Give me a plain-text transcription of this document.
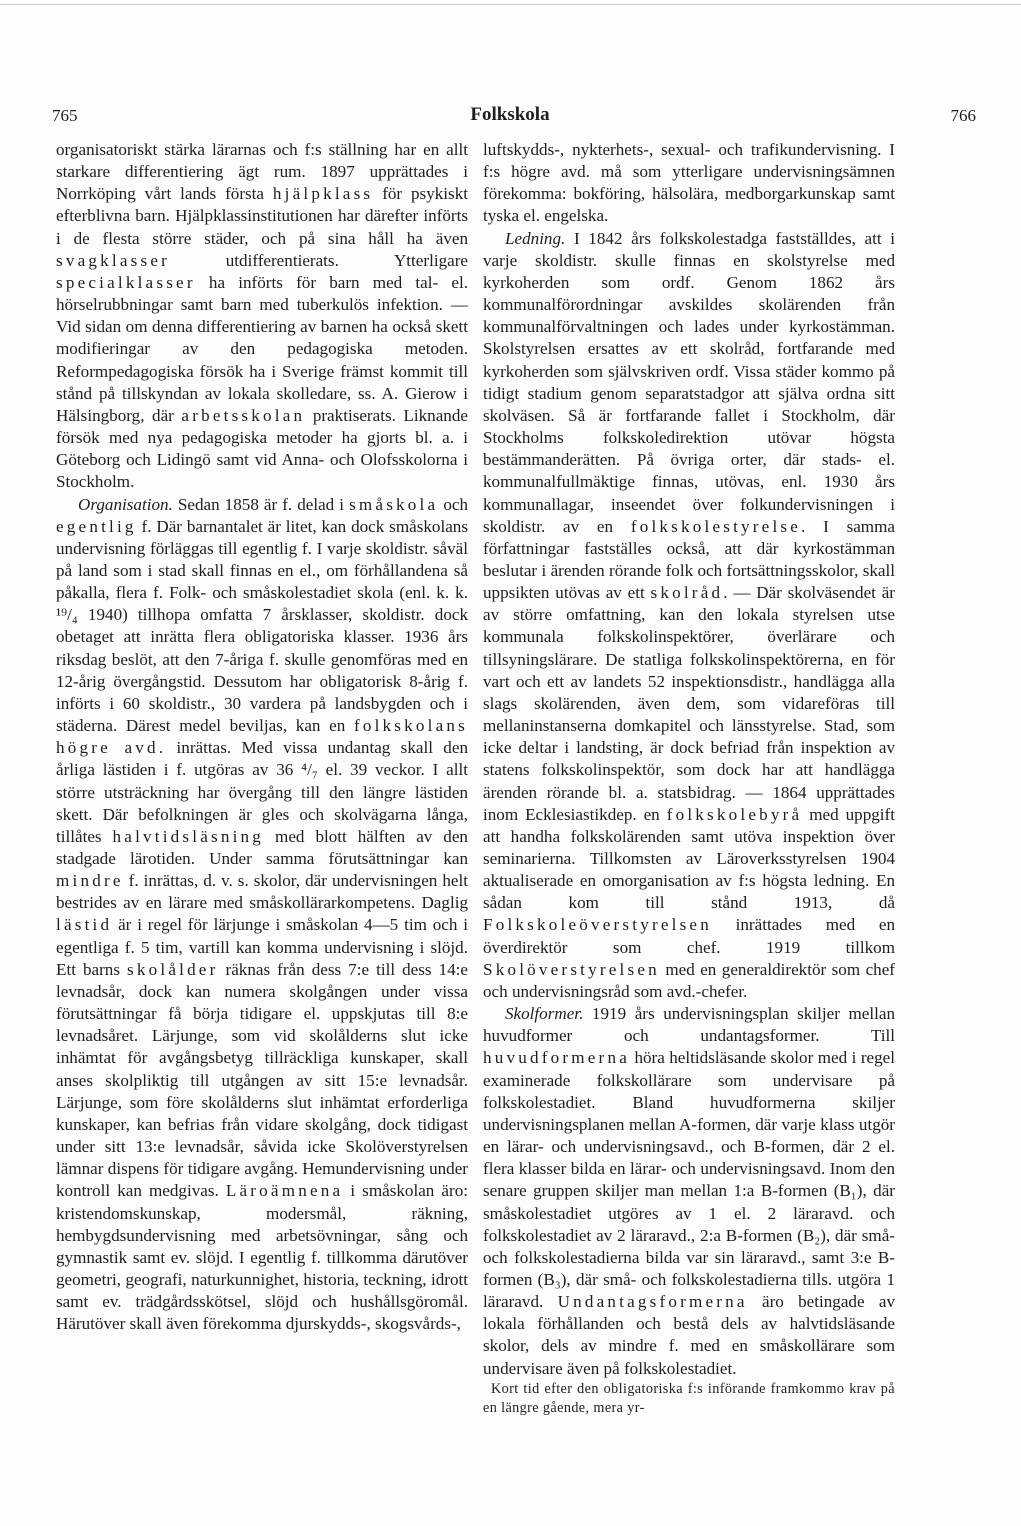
765	Folkskola	766

organisatoriskt stärka lärarnas och f:s ställning har en allt starkare differentiering ägt rum. 1897 upprättades i Norrköping vårt lands första hjälpklass för psykiskt efterblivna barn. Hjälpklassinstitutionen har därefter införts i de flesta större städer, och på sina håll ha även svagklasser utdifferentierats. Ytterligare specialklasser ha införts för barn med tal- el. hörselrubbningar samt barn med tuberkulös infektion. — Vid sidan om denna differentiering av barnen ha också skett modifieringar av den pedagogiska metoden. Reformpedagogiska försök ha i Sverige främst kommit till stånd på tillskyndan av lokala skolledare, ss. A. Gierow i Hälsingborg, där arbetsskolan praktiserats. Liknande försök med nya pedagogiska metoder ha gjorts bl. a. i Göteborg och Lidingö samt vid Anna- och Olofsskolorna i Stockholm.

Organisation. Sedan 1858 är f. delad i småskola och egentlig f. Där barnantalet är litet, kan dock småskolans undervisning förläggas till egentlig f. I varje skoldistr. såväl på land som i stad skall finnas en el., om förhållandena så påkalla, flera f. Folk- och småskolestadiet skola (enl. k. k. ¹⁹/₄ 1940) tillhopa omfatta 7 årsklasser, skoldistr. dock obetaget att inrätta flera obligatoriska klasser. 1936 års riksdag beslöt, att den 7-åriga f. skulle genomföras med en 12-årig övergångstid. Dessutom har obligatorisk 8-årig f. införts i 60 skoldistr., 30 vardera på landsbygden och i städerna. Därest medel beviljas, kan en folkskolans högre avd. inrättas. Med vissa undantag skall den årliga lästiden i f. utgöras av 36 ⁴/₇ el. 39 veckor. I allt större utsträckning har övergång till den längre lästiden skett. Där befolkningen är gles och skolvägarna långa, tillåtes halvtidsläsning med blott hälften av den stadgade lärotiden. Under samma förutsättningar kan mindre f. inrättas, d. v. s. skolor, där undervisningen helt bestrides av en lärare med småskollärarkompetens. Daglig lästid är i regel för lärjunge i småskolan 4—5 tim och i egentliga f. 5 tim, vartill kan komma undervisning i slöjd. Ett barns skolålder räknas från dess 7:e till dess 14:e levnadsår, dock kan numera skolgången under vissa förutsättningar få börja tidigare el. uppskjutas till 8:e levnadsåret. Lärjunge, som vid skolålderns slut icke inhämtat för avgångsbetyg tillräckliga kunskaper, skall anses skolpliktig till utgången av sitt 15:e levnadsår. Lärjunge, som före skolålderns slut inhämtat erforderliga kunskaper, kan befrias från vidare skolgång, dock tidigast under sitt 13:e levnadsår, såvida icke Skolöverstyrelsen lämnar dispens för tidigare avgång. Hemundervisning under kontroll kan medgivas. Läroämnena i småskolan äro: kristendomskunskap, modersmål, räkning, hembygdsundervisning med arbetsövningar, sång och gymnastik samt ev. slöjd. I egentlig f. tillkomma därutöver geometri, geografi, naturkunnighet, historia, teckning, idrott samt ev. trädgårdsskötsel, slöjd och hushållsgöromål. Härutöver skall även förekomma djurskydds-, skogsvårds-,

luftskydds-, nykterhets-, sexual- och trafikundervisning. I f:s högre avd. må som ytterligare undervisningsämnen förekomma: bokföring, hälsolära, medborgarkunskap samt tyska el. engelska.

Ledning. I 1842 års folkskolestadga fastställdes, att i varje skoldistr. skulle finnas en skolstyrelse med kyrkoherden som ordf. Genom 1862 års kommunalförordningar avskildes skolärenden från kommunalförvaltningen och lades under kyrkostämman. Skolstyrelsen ersattes av ett skolråd, fortfarande med kyrkoherden som självskriven ordf. Vissa städer kommo på tidigt stadium genom separatstadgor att själva ordna sitt skolväsen. Så är fortfarande fallet i Stockholm, där Stockholms folkskoledirektion utövar högsta bestämmanderätten. På övriga orter, där stads- el. kommunalfullmäktige finnas, utövas, enl. 1930 års kommunallagar, inseendet över folkundervisningen i skoldistr. av en folkskolestyrelse. I samma författningar fastställes också, att där kyrkostämman beslutar i ärenden rörande folk och fortsättningsskolor, skall uppsikten utövas av ett skolråd. — Där skolväsendet är av större omfattning, kan den lokala styrelsen utse kommunala folkskolinspektörer, överlärare och tillsyningslärare. De statliga folkskolinspektörerna, en för vart och ett av landets 52 inspektionsdistr., handlägga alla slags skolärenden, även dem, som vidareföras till mellaninstanserna domkapitel och länsstyrelse. Stad, som icke deltar i landsting, är dock befriad från inspektion av statens folkskolinspektör, som dock har att handlägga ärenden rörande bl. a. statsbidrag. — 1864 upprättades inom Ecklesiastikdep. en folkskolebyrå med uppgift att handha folkskolärenden samt utöva inspektion över seminarierna. Tillkomsten av Läroverksstyrelsen 1904 aktualiserade en omorganisation av f:s högsta ledning. En sådan kom till stånd 1913, då Folkskoleöverstyrelsen inrättades med en överdirektör som chef. 1919 tillkom Skolöverstyrelsen med en generaldirektör som chef och undervisningsråd som avd.-chefer.

Skolformer. 1919 års undervisningsplan skiljer mellan huvudformer och undantagsformer. Till huvudformerna höra heltidsläsande skolor med i regel examinerade folkskollärare som undervisare på folkskolestadiet. Bland huvudformerna skiljer undervisningsplanen mellan A-formen, där varje klass utgör en lärar- och undervisningsavd., och B-formen, där 2 el. flera klasser bilda en lärar- och undervisningsavd. Inom den senare gruppen skiljer man mellan 1:a B-formen (B₁), där småskolestadiet utgöres av 1 el. 2 lärаravd. och folkskolestadiet av 2 lärаravd., 2:a B-formen (B₂), där små- och folkskolestadierna bilda var sin lärаravd., samt 3:e B-formen (B₃), där små- och folkskolestadierna tills. utgöra 1 lärаravd. Undantagsformerna äro betingade av lokala förhållanden och bestå dels av halvtidsläsande skolor, dels av mindre f. med en småskollärare som undervisare även på folkskolestadiet.

Kort tid efter den obligatoriska f:s införande framkommo krav på en längre gående, mera yr-
